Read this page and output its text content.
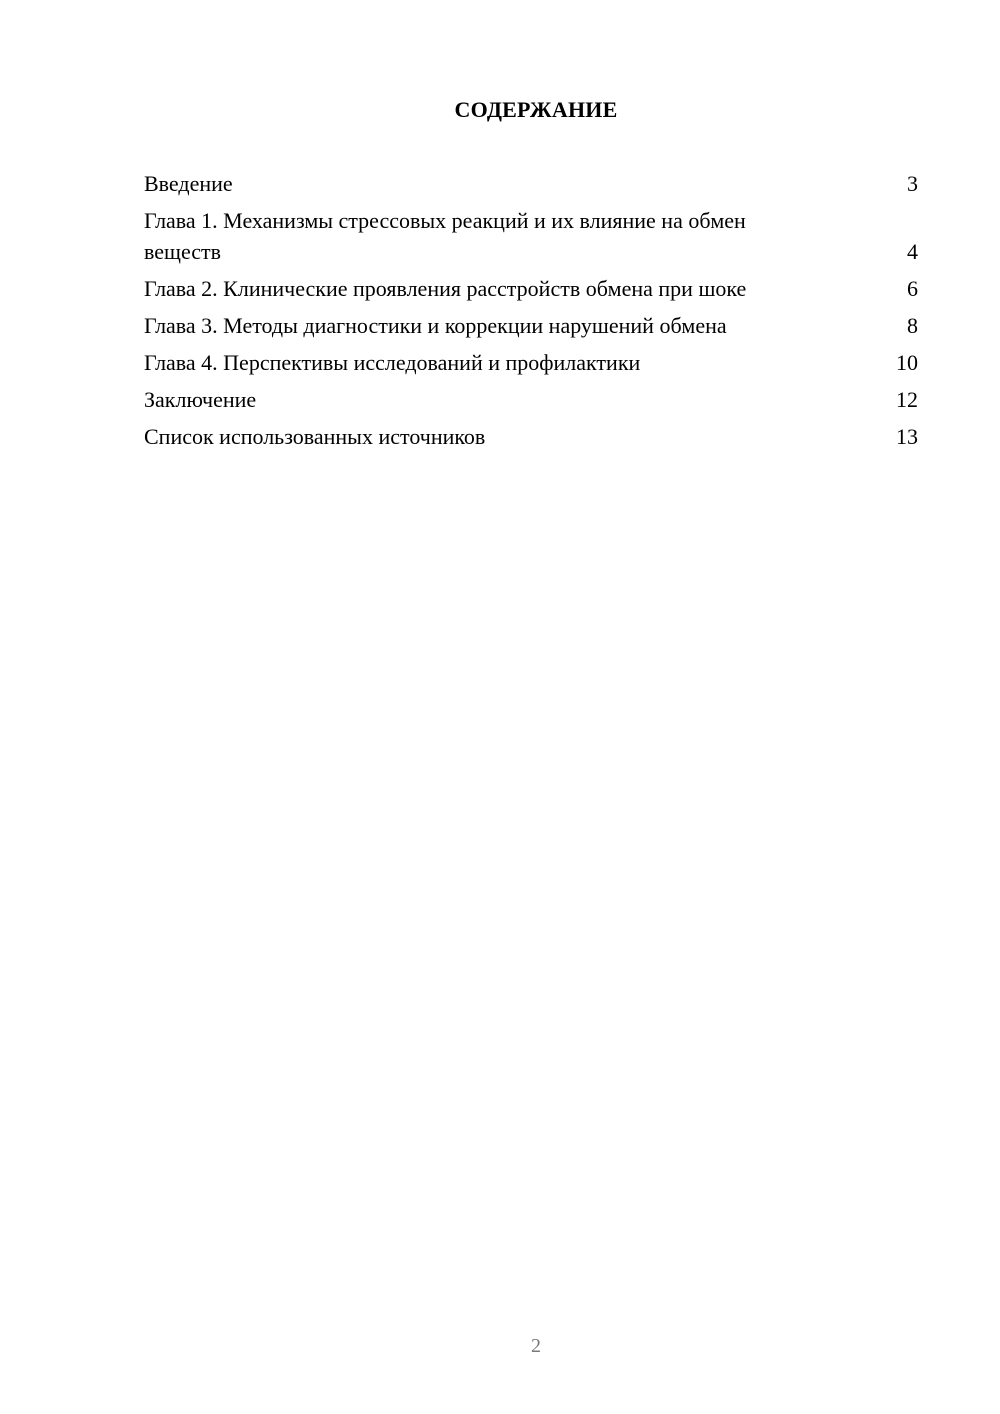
СОДЕРЖАНИЕ
Введение	3
Глава 1. Механизмы стрессовых реакций и их влияние на обмен веществ	4
Глава 2. Клинические проявления расстройств обмена при шоке	6
Глава 3. Методы диагностики и коррекции нарушений обмена	8
Глава 4. Перспективы исследований и профилактики	10
Заключение	12
Список использованных источников	13
2
